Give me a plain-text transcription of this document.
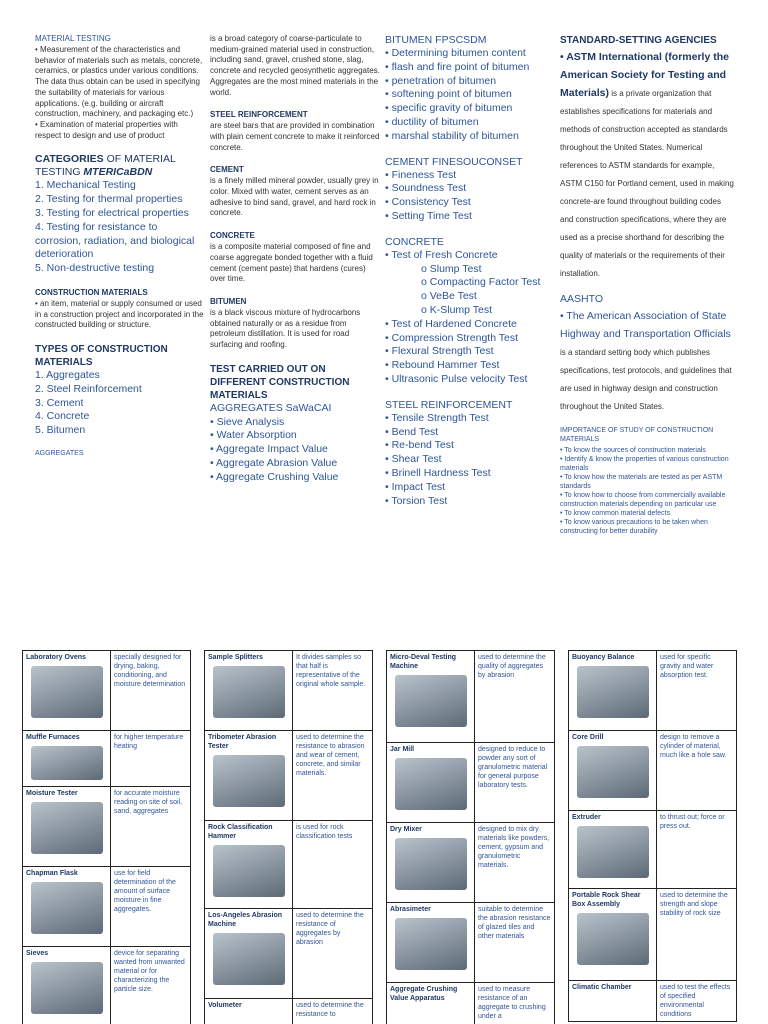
MATERIAL TESTING

• Measurement of the characteristics and behavior of materials such as metals, concrete, ceramics, or plastics under various conditions. The data thus obtain can be used in specifying the suitability of materials for various applications. (e.g. building or aircraft construction, machinery, and packaging etc.)

• Examination of material properties with respect to design and use of product

CATEGORIES OF MATERIAL TESTING MTERICaBDN
1. Mechanical Testing
2. Testing for thermal properties
3. Testing for electrical properties
4. Testing for resistance to corrosion, radiation, and biological deterioration
5. Non-destructive testing
CONSTRUCTION MATERIALS

• an item, material or supply consumed or used in a construction project and incorporated in the constructed building or structure.

TYPES OF CONSTRUCTION MATERIALS
1. Aggregates
2. Steel Reinforcement
3. Cement
4. Concrete
5. Bitumen
AGGREGATES

is a broad category of coarse-particulate to medium-grained material used in construction, including sand, gravel, crushed stone, slag, concrete and recycled geosynthetic aggregates. Aggregates are the most mined materials in the world.

STEEL REINFORCEMENT

are steel bars that are provided in combination with plain cement concrete to make it reinforced concrete.

CEMENT

is a finely milled mineral powder, usually grey in color. Mixed with water, cement serves as an adhesive to bind sand, gravel, and hard rock in concrete.

CONCRETE

is a composite material composed of fine and coarse aggregate bonded together with a fluid cement (cement paste) that hardens (cures) over time.

BITUMEN

is a black viscous mixture of hydrocarbons obtained naturally or as a residue from petroleum distillation. It is used for road surfacing and roofing.

TEST CARRIED OUT ON DIFFERENT CONSTRUCTION MATERIALS
AGGREGATES SaWaCAI
• Sieve Analysis
• Water Absorption
• Aggregate Impact Value
• Aggregate Abrasion Value
• Aggregate Crushing Value
BITUMEN FPSCSDM
• Determining bitumen content
• flash and fire point of bitumen
• penetration of bitumen
• softening point of bitumen
• specific gravity of bitumen
• ductility of bitumen
• marshal stability of bitumen
CEMENT FINESOUCONSET
• Fineness Test
• Soundness Test
• Consistency Test
• Setting Time Test
CONCRETE
• Test of Fresh Concrete
o Slump Test
o Compacting Factor Test
o VeBe Test
o K-Slump Test
• Test of Hardened Concrete
• Compression Strength Test
• Flexural Strength Test
• Rebound Hammer Test
• Ultrasonic Pulse velocity Test
STEEL REINFORCEMENT
• Tensile Strength Test
• Bend Test
• Re-bend Test
• Shear Test
• Brinell Hardness Test
• Impact Test
• Torsion Test
STANDARD-SETTING AGENCIES

• ASTM International (formerly the American Society for Testing and Materials) is a private organization that establishes specifications for materials and methods of construction accepted as standards throughout the United States. Numerical references to ASTM standards for example, ASTM C150 for Portland cement, used in making concrete-are found throughout building codes and construction specifications, where they are used as a precise shorthand for describing the quality of materials or the requirements of their installation.

AASHTO

• The American Association of State Highway and Transportation Officials is a standard setting body which publishes specifications, test protocols, and guidelines that are used in highway design and construction throughout the United States.

IMPORTANCE OF STUDY OF CONSTRUCTION MATERIALS
• To know the sources of construction materials
• Identify & know the properties of various construction materials
• To know how the materials are tested as per ASTM standards
• To know how to choose from commercially available construction materials depending on particular use
• To know common material defects
• To know various precautions to be taken when constructing for better durability
Laboratory Ovens	specially designed for drying, baking, conditioning, and moisture determination
Muffle Furnaces	for higher temperature heating
Moisture Tester	for accurate moisture reading on site of soil, sand, aggregates
Chapman Flask	use for field determination of the amount of surface moisture in fine aggregates.
Sieves	device for separating wanted from unwanted material or for characterizing the particle size.
Sample Splitters	It divides samples so that half is representative of the original whole sample.
Tribometer Abrasion Tester	used to determine the resistance to abrasion and wear of cement, concrete, and similar materials.
Rock Classification Hammer	is used for rock classification tests
Los-Angeles Abrasion Machine	used to determine the resistance of aggregates by abrasion
Volumeter	used to determine the resistance to
Micro-Deval Testing Machine	used to determine the quality of aggregates by abrasion
Jar Mill	designed to reduce to powder any sort of granulometric material for general purpose laboratory tests.
Dry Mixer	designed to mix dry materials like powders, cement, gypsum and granulometric materials.
Abrasimeter	suitable to determine the abrasion resistance of glazed tiles and other materials
Aggregate Crushing Value Apparatus	used to measure resistance of an aggregate to crushing under a
Buoyancy Balance	used for specific gravity and water absorption test.
Core Drill	design to remove a cylinder of material, much like a hole saw.
Extruder	to thrust out; force or press out.
Portable Rock Shear Box Assembly	used to determine the strength and slope stability of rock size
Climatic Chamber	used to test the effects of specified environmental conditions
